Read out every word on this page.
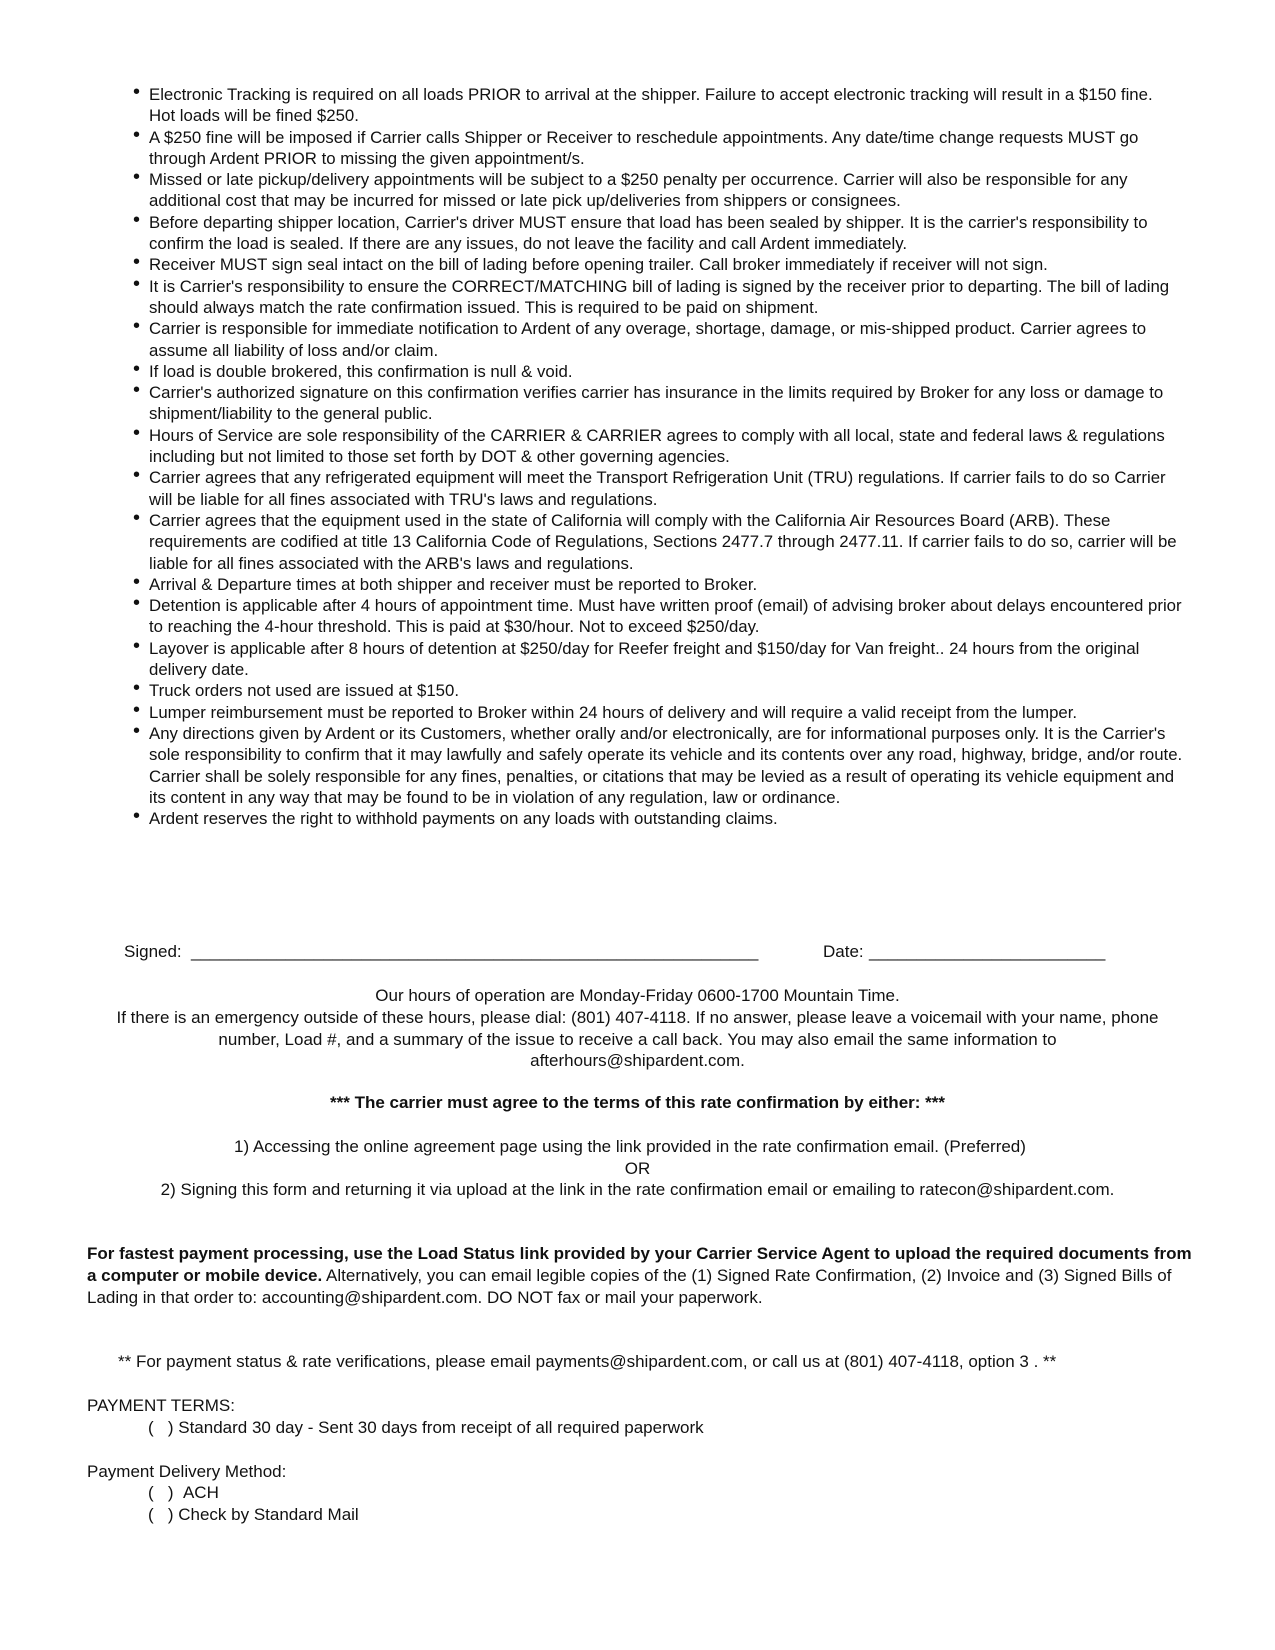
• Electronic Tracking is required on all loads PRIOR to arrival at the shipper. Failure to accept electronic tracking will result in a $150 fine. Hot loads will be fined $250.
• A $250 fine will be imposed if Carrier calls Shipper or Receiver to reschedule appointments. Any date/time change requests MUST go through Ardent PRIOR to missing the given appointment/s.
• Missed or late pickup/delivery appointments will be subject to a $250 penalty per occurrence. Carrier will also be responsible for any additional cost that may be incurred for missed or late pick up/deliveries from shippers or consignees.
• Before departing shipper location, Carrier's driver MUST ensure that load has been sealed by shipper. It is the carrier's responsibility to confirm the load is sealed. If there are any issues, do not leave the facility and call Ardent immediately.
• Receiver MUST sign seal intact on the bill of lading before opening trailer. Call broker immediately if receiver will not sign.
• It is Carrier's responsibility to ensure the CORRECT/MATCHING bill of lading is signed by the receiver prior to departing. The bill of lading should always match the rate confirmation issued. This is required to be paid on shipment.
• Carrier is responsible for immediate notification to Ardent of any overage, shortage, damage, or mis-shipped product. Carrier agrees to assume all liability of loss and/or claim.
• If load is double brokered, this confirmation is null & void.
• Carrier's authorized signature on this confirmation verifies carrier has insurance in the limits required by Broker for any loss or damage to shipment/liability to the general public.
• Hours of Service are sole responsibility of the CARRIER & CARRIER agrees to comply with all local, state and federal laws & regulations including but not limited to those set forth by DOT & other governing agencies.
• Carrier agrees that any refrigerated equipment will meet the Transport Refrigeration Unit (TRU) regulations. If carrier fails to do so Carrier will be liable for all fines associated with TRU's laws and regulations.
• Carrier agrees that the equipment used in the state of California will comply with the California Air Resources Board (ARB). These requirements are codified at title 13 California Code of Regulations, Sections 2477.7 through 2477.11. If carrier fails to do so, carrier will be liable for all fines associated with the ARB's laws and regulations.
• Arrival & Departure times at both shipper and receiver must be reported to Broker.
• Detention is applicable after 4 hours of appointment time. Must have written proof (email) of advising broker about delays encountered prior to reaching the 4-hour threshold. This is paid at $30/hour. Not to exceed $250/day.
• Layover is applicable after 8 hours of detention at $250/day for Reefer freight and $150/day for Van freight.. 24 hours from the original delivery date.
• Truck orders not used are issued at $150.
• Lumper reimbursement must be reported to Broker within 24 hours of delivery and will require a valid receipt from the lumper.
• Any directions given by Ardent or its Customers, whether orally and/or electronically, are for informational purposes only. It is the Carrier's sole responsibility to confirm that it may lawfully and safely operate its vehicle and its contents over any road, highway, bridge, and/or route. Carrier shall be solely responsible for any fines, penalties, or citations that may be levied as a result of operating its vehicle equipment and its content in any way that may be found to be in violation of any regulation, law or ordinance.
• Ardent reserves the right to withhold payments on any loads with outstanding claims.
Signed: ____________________________________________________________	Date: _________________________
Our hours of operation are Monday-Friday 0600-1700 Mountain Time.
If there is an emergency outside of these hours, please dial: (801) 407-4118. If no answer, please leave a voicemail with your name, phone number, Load #, and a summary of the issue to receive a call back. You may also email the same information to afterhours@shipardent.com.
*** The carrier must agree to the terms of this rate confirmation by either: ***
1) Accessing the online agreement page using the link provided in the rate confirmation email. (Preferred)
OR
2) Signing this form and returning it via upload at the link in the rate confirmation email or emailing to ratecon@shipardent.com.
For fastest payment processing, use the Load Status link provided by your Carrier Service Agent to upload the required documents from a computer or mobile device. Alternatively, you can email legible copies of the (1) Signed Rate Confirmation, (2) Invoice and (3) Signed Bills of Lading in that order to: accounting@shipardent.com. DO NOT fax or mail your paperwork.
** For payment status & rate verifications, please email payments@shipardent.com, or call us at (801) 407-4118, option 3 . **
PAYMENT TERMS:
(   ) Standard 30 day - Sent 30 days from receipt of all required paperwork
Payment Delivery Method:
(   ) ACH
(   ) Check by Standard Mail
